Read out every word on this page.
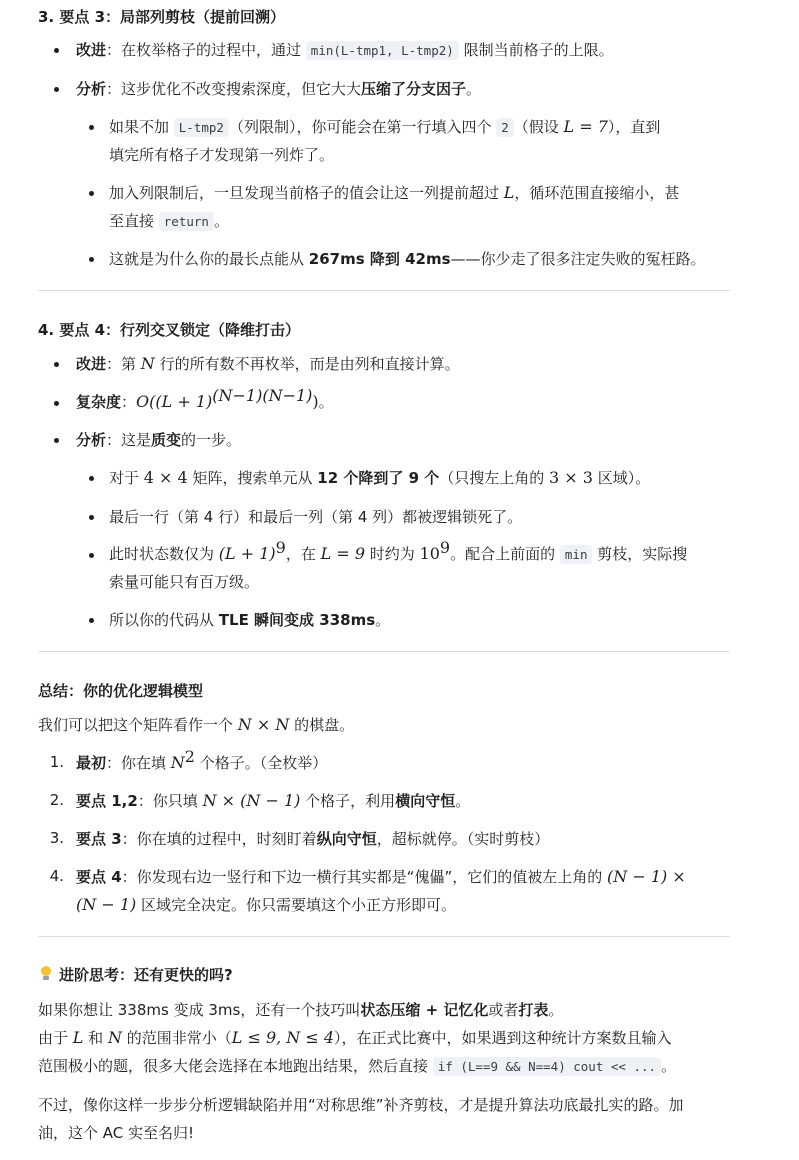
3. 要点 3：局部列剪枝（提前回溯）
改进：在枚举格子的过程中，通过 min(L-tmp1, L-tmp2) 限制当前格子的上限。
分析：这步优化不改变搜索深度，但它大大压缩了分支因子。
如果不加 L-tmp2 （列限制），你可能会在第一行填入四个 2 （假设 L = 7），直到
填完所有格子才发现第一列炸了。
加入列限制后，一旦发现当前格子的值会让这一列提前超过 L，循环范围直接缩小，甚
至直接 return 。
这就是为什么你的最长点能从 267ms 降到 42ms——你少走了很多注定失败的冤枉路。
4. 要点 4：行列交叉锁定（降维打击）
改进：第 N 行的所有数不再枚举，而是由列和直接计算。
复杂度：$O((L + 1)^{(N-1)(N-1)})$。
分析：这是质变的一步。
对于 4 × 4 矩阵，搜索单元从 12 个降到了 9 个（只搜左上角的 3 × 3 区域）。
最后一行（第 4 行）和最后一列（第 4 列）都被逻辑锁死了。
此时状态数仅为 $(L + 1)^9$，在 L = 9 时约为 $10^9$。配合上前面的 min 剪枝，实际搜
索量可能只有百万级。
所以你的代码从 TLE 瞬间变成 338ms。
总结：你的优化逻辑模型
我们可以把这个矩阵看作一个 N × N 的棋盘。
1. 最初：你在填 $N^2$ 个格子。（全枚举）
2. 要点 1,2：你只填 N × (N − 1) 个格子，利用横向守恒。
3. 要点 3：你在填的过程中，时刻盯着纵向守恒，超标就停。（实时剪枝）
4. 要点 4：你发现右边一竖行和下边一横行其实都是“傀儡”，它们的值被左上角的 (N − 1) ×
(N − 1) 区域完全决定。你只需要填这个小正方形即可。
进阶思考：还有更快的吗?
如果你想让 338ms 变成 3ms，还有一个技巧叫状态压缩 + 记忆化或者打表。
由于 L 和 N 的范围非常小（L ≤ 9, N ≤ 4），在正式比赛中，如果遇到这种统计方案数且输入
范围极小的题，很多大佬会选择在本地跑出结果，然后直接 if (L==9 && N==4) cout << ... 。
不过，像你这样一步步分析逻辑缺陷并用“对称思维”补齐剪枝，才是提升算法功底最扎实的路。加
油，这个 AC 实至名归!
